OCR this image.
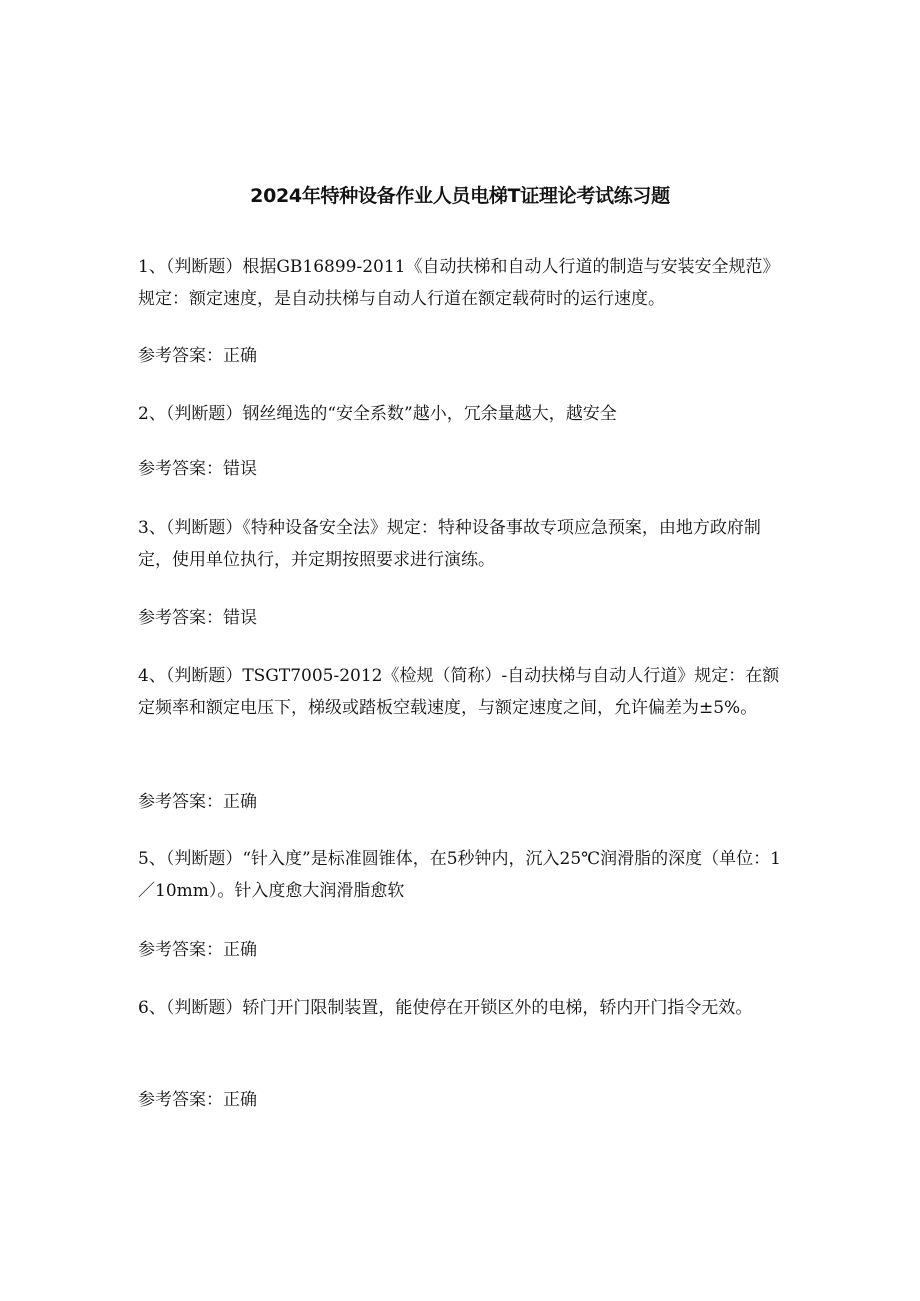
2024年特种设备作业人员电梯T证理论考试练习题

1、（判断题）根据GB16899-2011《自动扶梯和自动人行道的制造与安装安全规范》规定：额定速度，是自动扶梯与自动人行道在额定载荷时的运行速度。

参考答案：正确

2、（判断题）钢丝绳选的“安全系数”越小，冗余量越大，越安全

参考答案：错误

3、（判断题）《特种设备安全法》规定：特种设备事故专项应急预案，由地方政府制定，使用单位执行，并定期按照要求进行演练。

参考答案：错误

4、（判断题）TSGT7005-2012《检规（简称）-自动扶梯与自动人行道》规定：在额定频率和额定电压下，梯级或踏板空载速度，与额定速度之间，允许偏差为±5%。

参考答案：正确

5、（判断题）“针入度”是标准圆锥体，在5秒钟内，沉入25℃润滑脂的深度（单位：1／10mm）。针入度愈大润滑脂愈软

参考答案：正确

6、（判断题）轿门开门限制装置，能使停在开锁区外的电梯，轿内开门指令无效。

参考答案：正确
